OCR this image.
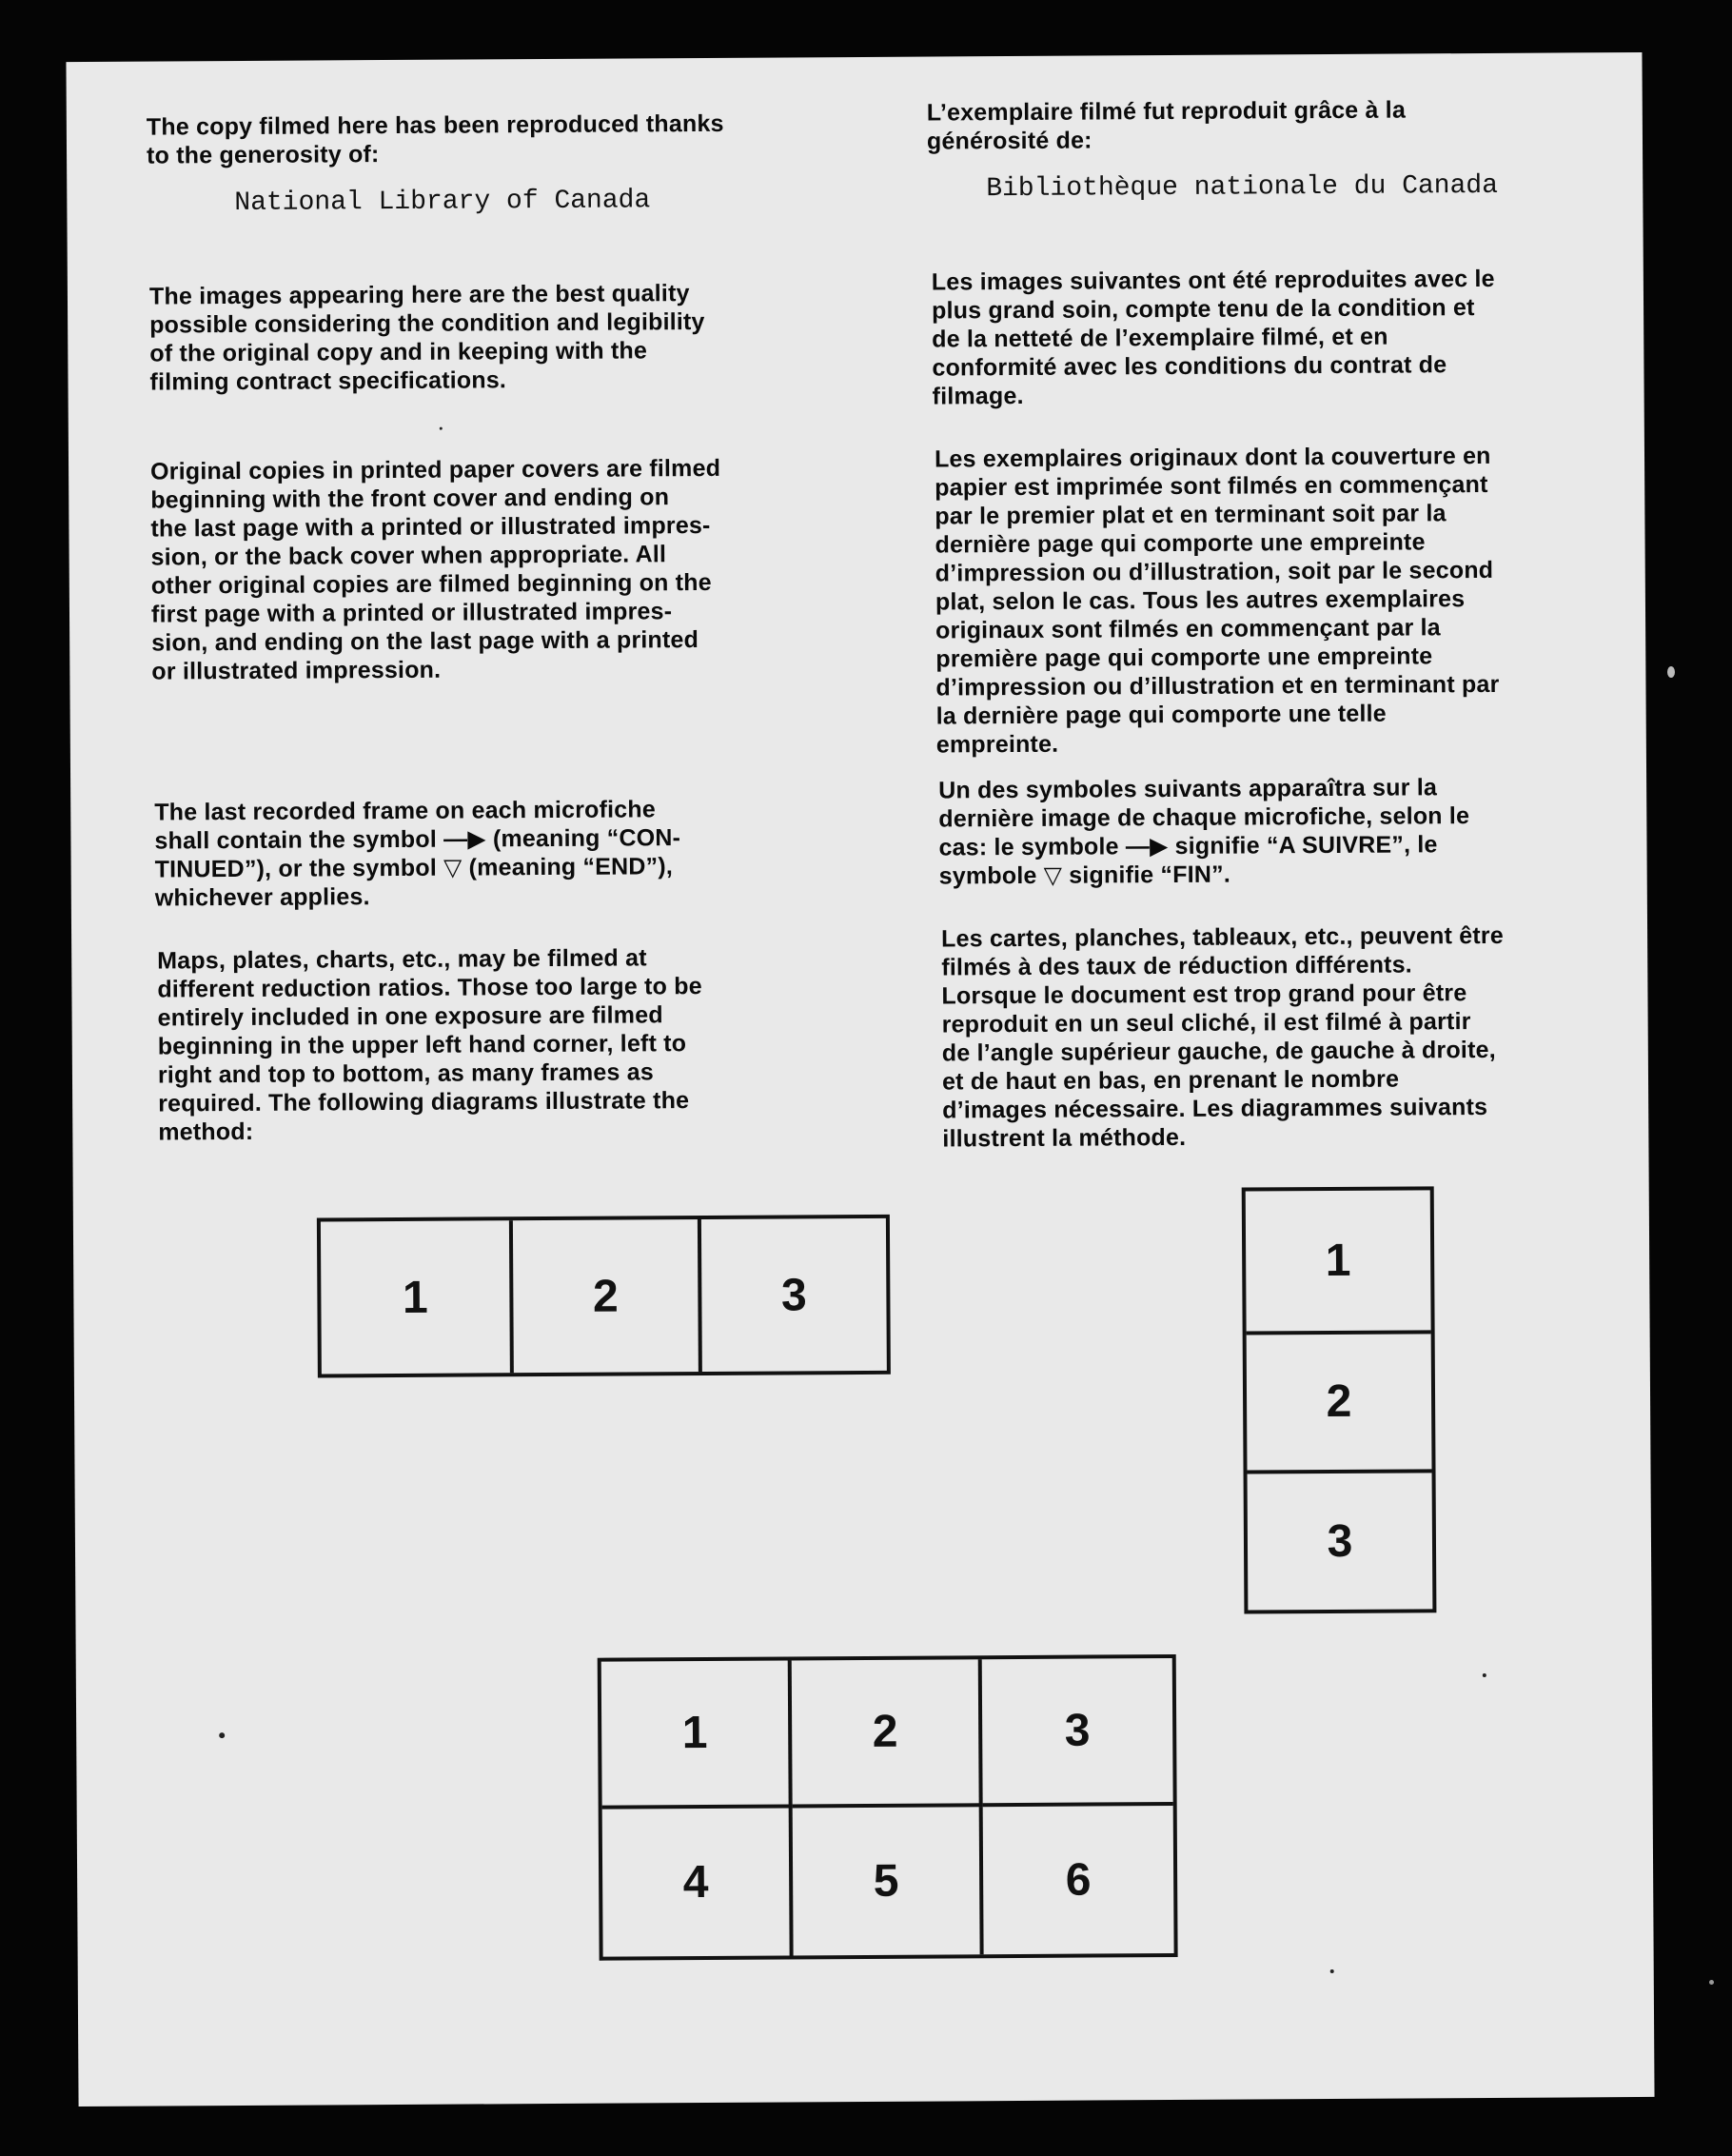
The copy filmed here has been reproduced thanks
to the generosity of:

National Library of Canada

The images appearing here are the best quality
possible considering the condition and legibility
of the original copy and in keeping with the
filming contract specifications.

Original copies in printed paper covers are filmed
beginning with the front cover and ending on
the last page with a printed or illustrated impres-
sion, or the back cover when appropriate. All
other original copies are filmed beginning on the
first page with a printed or illustrated impres-
sion, and ending on the last page with a printed
or illustrated impression.

The last recorded frame on each microfiche
shall contain the symbol —▶ (meaning “CON-
TINUED”), or the symbol ▽ (meaning “END”),
whichever applies.

Maps, plates, charts, etc., may be filmed at
different reduction ratios. Those too large to be
entirely included in one exposure are filmed
beginning in the upper left hand corner, left to
right and top to bottom, as many frames as
required. The following diagrams illustrate the
method:

L’exemplaire filmé fut reproduit grâce à la
générosité de:

Bibliothèque nationale du Canada

Les images suivantes ont été reproduites avec le
plus grand soin, compte tenu de la condition et
de la netteté de l’exemplaire filmé, et en
conformité avec les conditions du contrat de
filmage.

Les exemplaires originaux dont la couverture en
papier est imprimée sont filmés en commençant
par le premier plat et en terminant soit par la
dernière page qui comporte une empreinte
d’impression ou d’illustration, soit par le second
plat, selon le cas. Tous les autres exemplaires
originaux sont filmés en commençant par la
première page qui comporte une empreinte
d’impression ou d’illustration et en terminant par
la dernière page qui comporte une telle
empreinte.

Un des symboles suivants apparaîtra sur la
dernière image de chaque microfiche, selon le
cas: le symbole —▶ signifie “A SUIVRE”, le
symbole ▽ signifie “FIN”.

Les cartes, planches, tableaux, etc., peuvent être
filmés à des taux de réduction différents.
Lorsque le document est trop grand pour être
reproduit en un seul cliché, il est filmé à partir
de l’angle supérieur gauche, de gauche à droite,
et de haut en bas, en prenant le nombre
d’images nécessaire. Les diagrammes suivants
illustrent la méthode.

1	2	3
1
2
3
1	2	3
4	5	6
